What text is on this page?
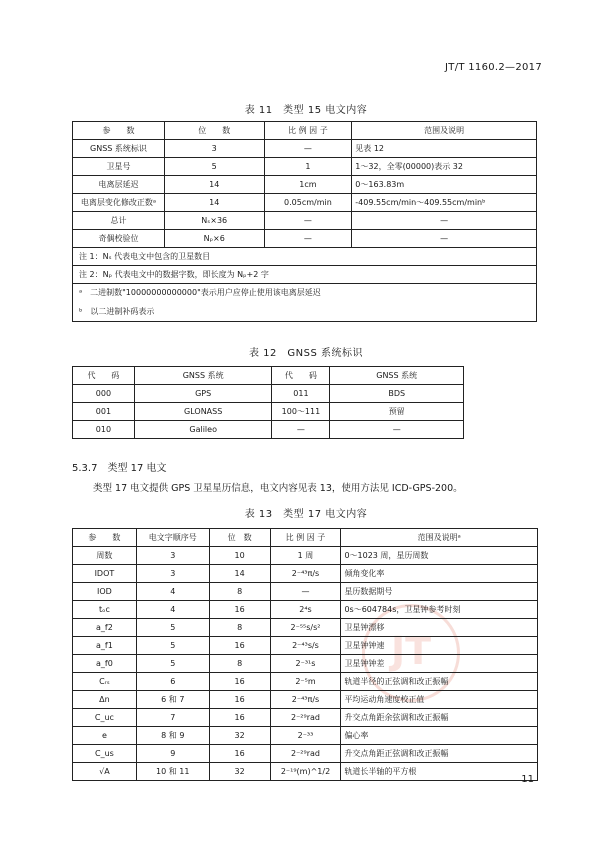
JT/T 1160.2—2017
表 11　类型 15 电文内容
参　　数	位　　数	比 例 因 子	范围及说明
GNSS 系统标识	3	—	见表 12
卫星号	5	1	1～32，全零(00000)表示 32
电离层延迟	14	1cm	0～163.83m
电离层变化修改正数ᵃ	14	0.05cm/min	-409.55cm/min～409.55cm/minᵇ
总计	Nₛ×36	—	—
奇偶校验位	Nₚ×6	—	—
注 1：Nₛ 代表电文中包含的卫星数目			
注 2：Nₚ 代表电文中的数据字数，即长度为 Nₚ+2 字			
ᵃ　二进制数"10000000000000"表示用户应停止使用该电离层延迟			
ᵇ　以二进制补码表示			
表 12　GNSS 系统标识
代　　码	GNSS 系统	代　　码	GNSS 系统
000	GPS	011	BDS
001	GLONASS	100～111	预留
010	Galileo	—	—
5.3.7　类型 17 电文
类型 17 电文提供 GPS 卫星星历信息，电文内容见表 13，使用方法见 ICD-GPS-200。
表 13　类型 17 电文内容
JT
参　　数	电文字顺序号	位　数	比 例 因 子	范围及说明ᵃ
周数	3	10	1 周	0～1023 周，星历周数
IDOT	3	14	2⁻⁴³π/s	倾角变化率
IOD	4	8	—	星历数据期号
tₒc	4	16	2⁴s	0s～604784s，卫星钟参考时刻
a_f2	5	8	2⁻⁵⁵s/s²	卫星钟漂移
a_f1	5	16	2⁻⁴³s/s	卫星钟钟速
a_f0	5	8	2⁻³¹s	卫星钟钟差
Cᵣₛ	6	16	2⁻⁵m	轨道半径的正弦调和改正振幅
Δn	6 和 7	16	2⁻⁴³π/s	平均运动角速度校正值
C_uc	7	16	2⁻²⁹rad	升交点角距余弦调和改正振幅
e	8 和 9	32	2⁻³³	偏心率
C_us	9	16	2⁻²⁹rad	升交点角距正弦调和改正振幅
√A	10 和 11	32	2⁻¹⁹(m)^1/2	轨道长半轴的平方根
11
